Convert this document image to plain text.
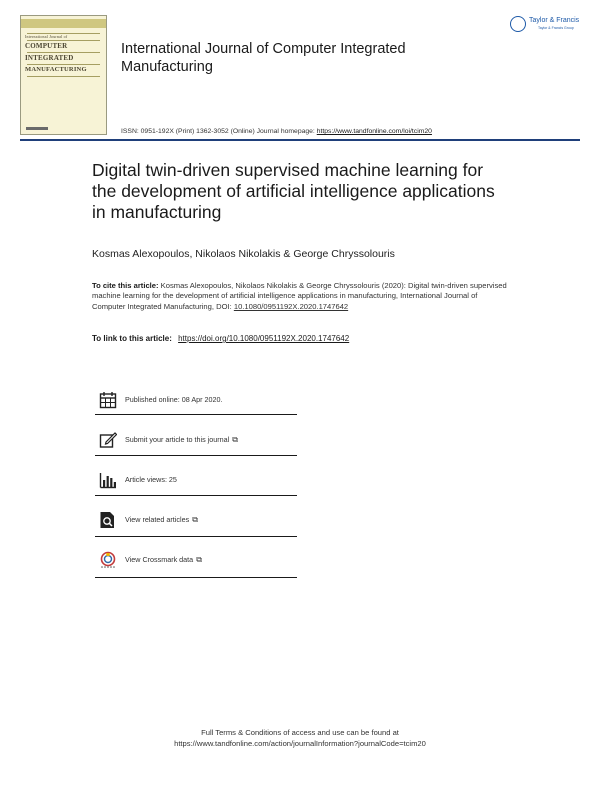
International Journal of
COMPUTER
INTEGRATED
MANUFACTURING
International Journal of Computer Integrated Manufacturing
Taylor & Francis
Taylor & Francis Group
ISSN: 0951-192X (Print) 1362-3052 (Online) Journal homepage: https://www.tandfonline.com/loi/tcim20
Digital twin-driven supervised machine learning for the development of artificial intelligence applications in manufacturing
Kosmas Alexopoulos, Nikolaos Nikolakis & George Chryssolouris
To cite this article: Kosmas Alexopoulos, Nikolaos Nikolakis & George Chryssolouris (2020): Digital twin-driven supervised machine learning for the development of artificial intelligence applications in manufacturing, International Journal of Computer Integrated Manufacturing, DOI: 10.1080/0951192X.2020.1747642
To link to this article: https://doi.org/10.1080/0951192X.2020.1747642
Published online: 08 Apr 2020.
Submit your article to this journal ⧉
Article views: 25
View related articles ⧉
View Crossmark data ⧉
Full Terms & Conditions of access and use can be found at
https://www.tandfonline.com/action/journalInformation?journalCode=tcim20
